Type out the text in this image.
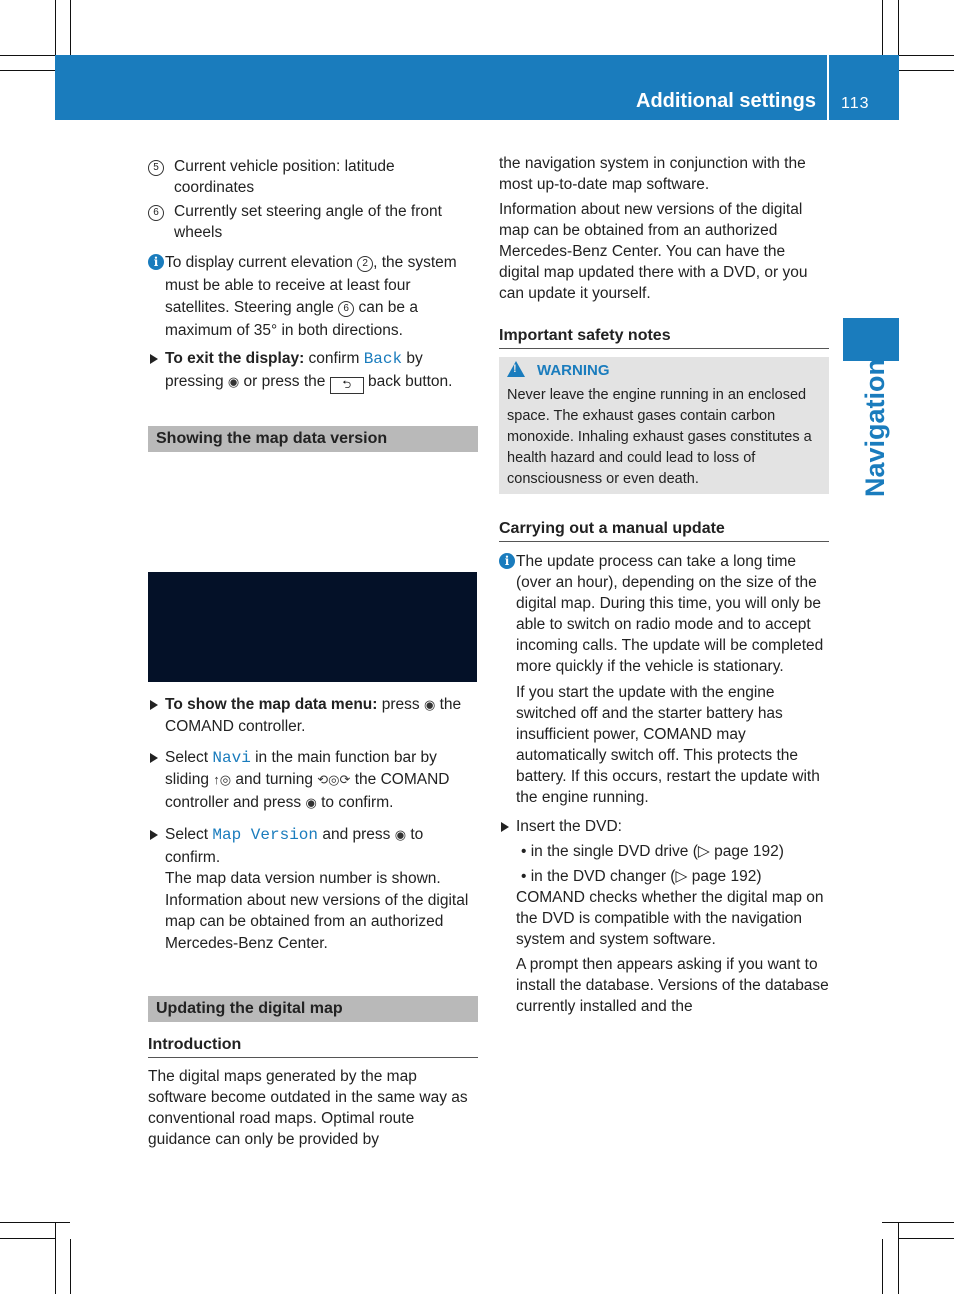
Additional settings 113
Navigation
5 Current vehicle position: latitude coordinates

6 Currently set steering angle of the front wheels

i To display current elevation 2 , the system must be able to receive at least four satellites. Steering angle 6 can be a maximum of 35° in both directions.

To exit the display: confirm Back by pressing ◉ or press the ⮌ back button.

Showing the map data version

To show the map data menu: press ◉ the COMAND controller.

Select Navi in the main function bar by sliding ↑◎ and turning ⟲◎⟳ the COMAND controller and press ◉ to confirm.

Select Map Version and press ◉ to confirm.

The map data version number is shown.

Information about new versions of the digital map can be obtained from an authorized Mercedes-Benz Center.

Updating the digital map
Introduction

The digital maps generated by the map software become outdated in the same way as conventional road maps. Optimal route guidance can only be provided by

the navigation system in conjunction with the most up-to-date map software.

Information about new versions of the digital map can be obtained from an authorized Mercedes-Benz Center. You can have the digital map updated there with a DVD, or you can update it yourself.

Important safety notes
!WARNING

Never leave the engine running in an enclosed space. The exhaust gases contain carbon monoxide. Inhaling exhaust gases constitutes a health hazard and could lead to loss of consciousness or even death.

Carrying out a manual update
i The update process can take a long time (over an hour), depending on the size of the digital map. During this time, you will only be able to switch on radio mode and to accept incoming calls. The update will be completed more quickly if the vehicle is stationary.

If you start the update with the engine switched off and the starter battery has insufficient power, COMAND may automatically switch off. This protects the battery. If this occurs, restart the update with the engine running.

Insert the DVD:

• in the single DVD drive (▷ page 192)

• in the DVD changer (▷ page 192)

COMAND checks whether the digital map on the DVD is compatible with the navigation system and system software.

A prompt then appears asking if you want to install the database. Versions of the database currently installed and the
